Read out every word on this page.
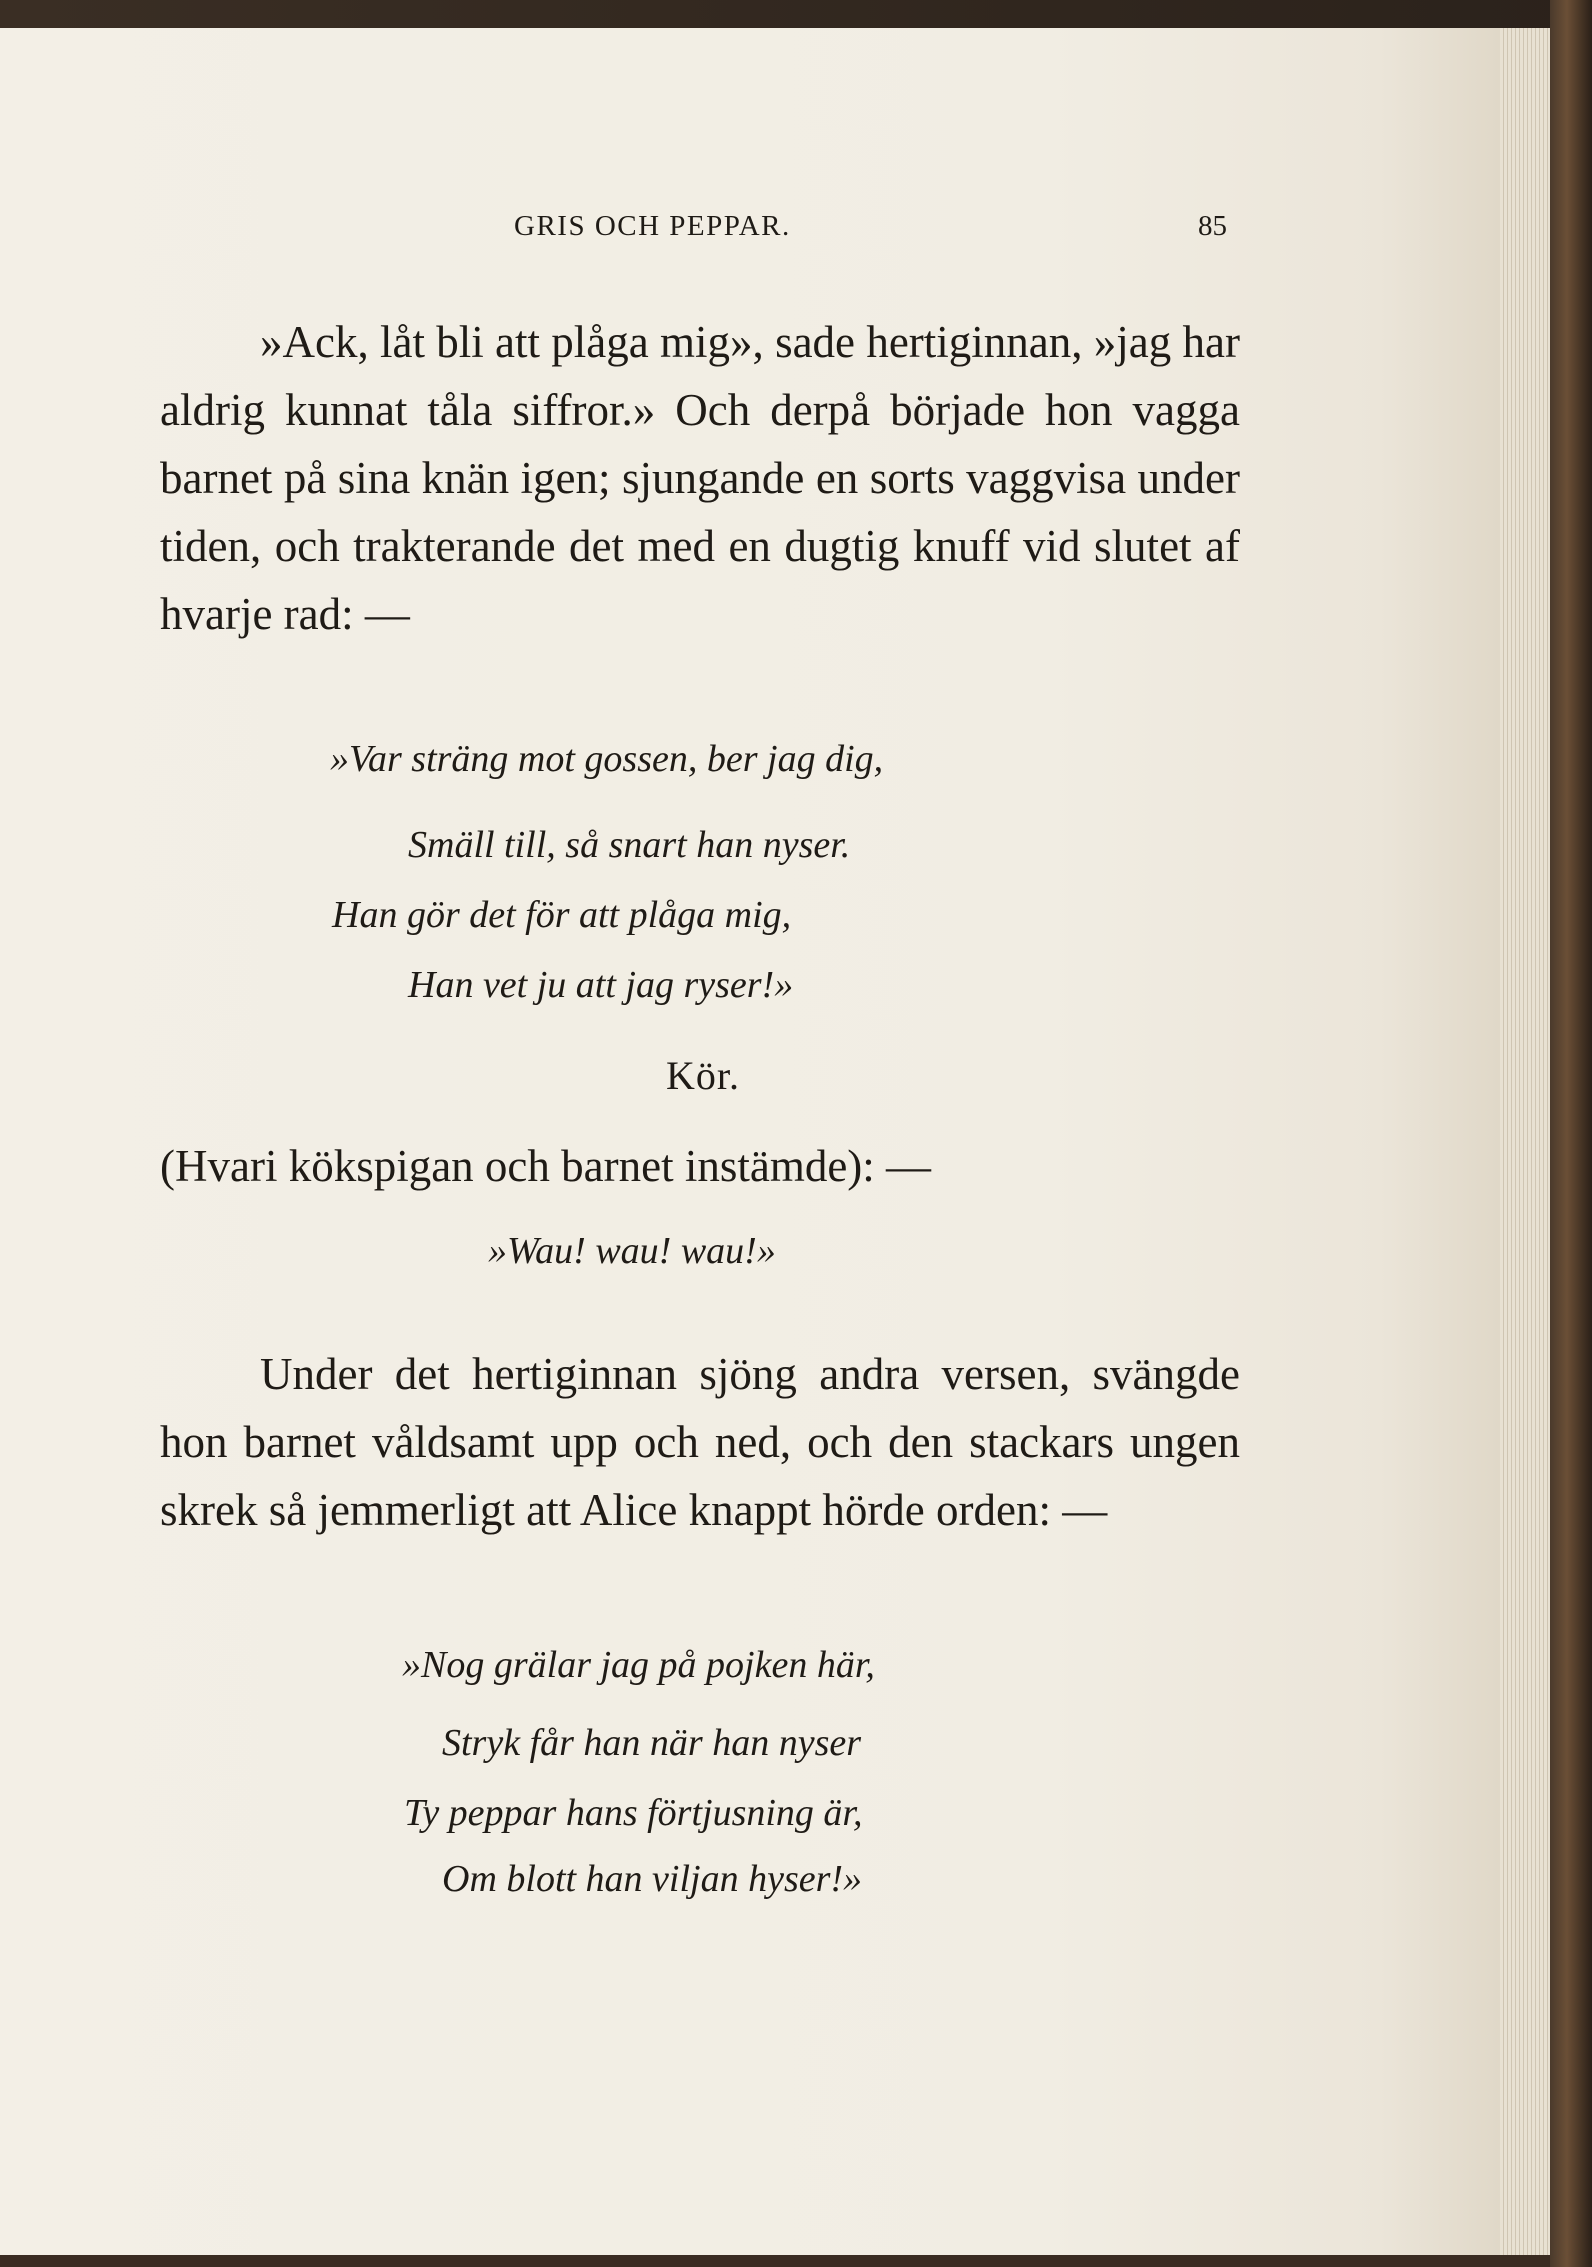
GRIS OCH PEPPAR.	85

»Ack, låt bli att plåga mig», sade hertiginnan, »jag har aldrig kunnat tåla siffror.» Och derpå började hon vagga barnet på sina knän igen; sjungande en sorts vaggvisa under tiden, och trakterande det med en dugtig knuff vid slutet af hvarje rad: —

»Var sträng mot gossen, ber jag dig,
Smäll till, så snart han nyser.
Han gör det för att plåga mig,
Han vet ju att jag ryser!»
Kör.

(Hvari kökspigan och barnet instämde): —

»Wau! wau! wau!»

Under det hertiginnan sjöng andra versen, svängde hon barnet våldsamt upp och ned, och den stackars ungen skrek så jemmerligt att Alice knappt hörde orden: —

»Nog grälar jag på pojken här,
Stryk får han när han nyser
Ty peppar hans förtjusning är,
Om blott han viljan hyser!»
